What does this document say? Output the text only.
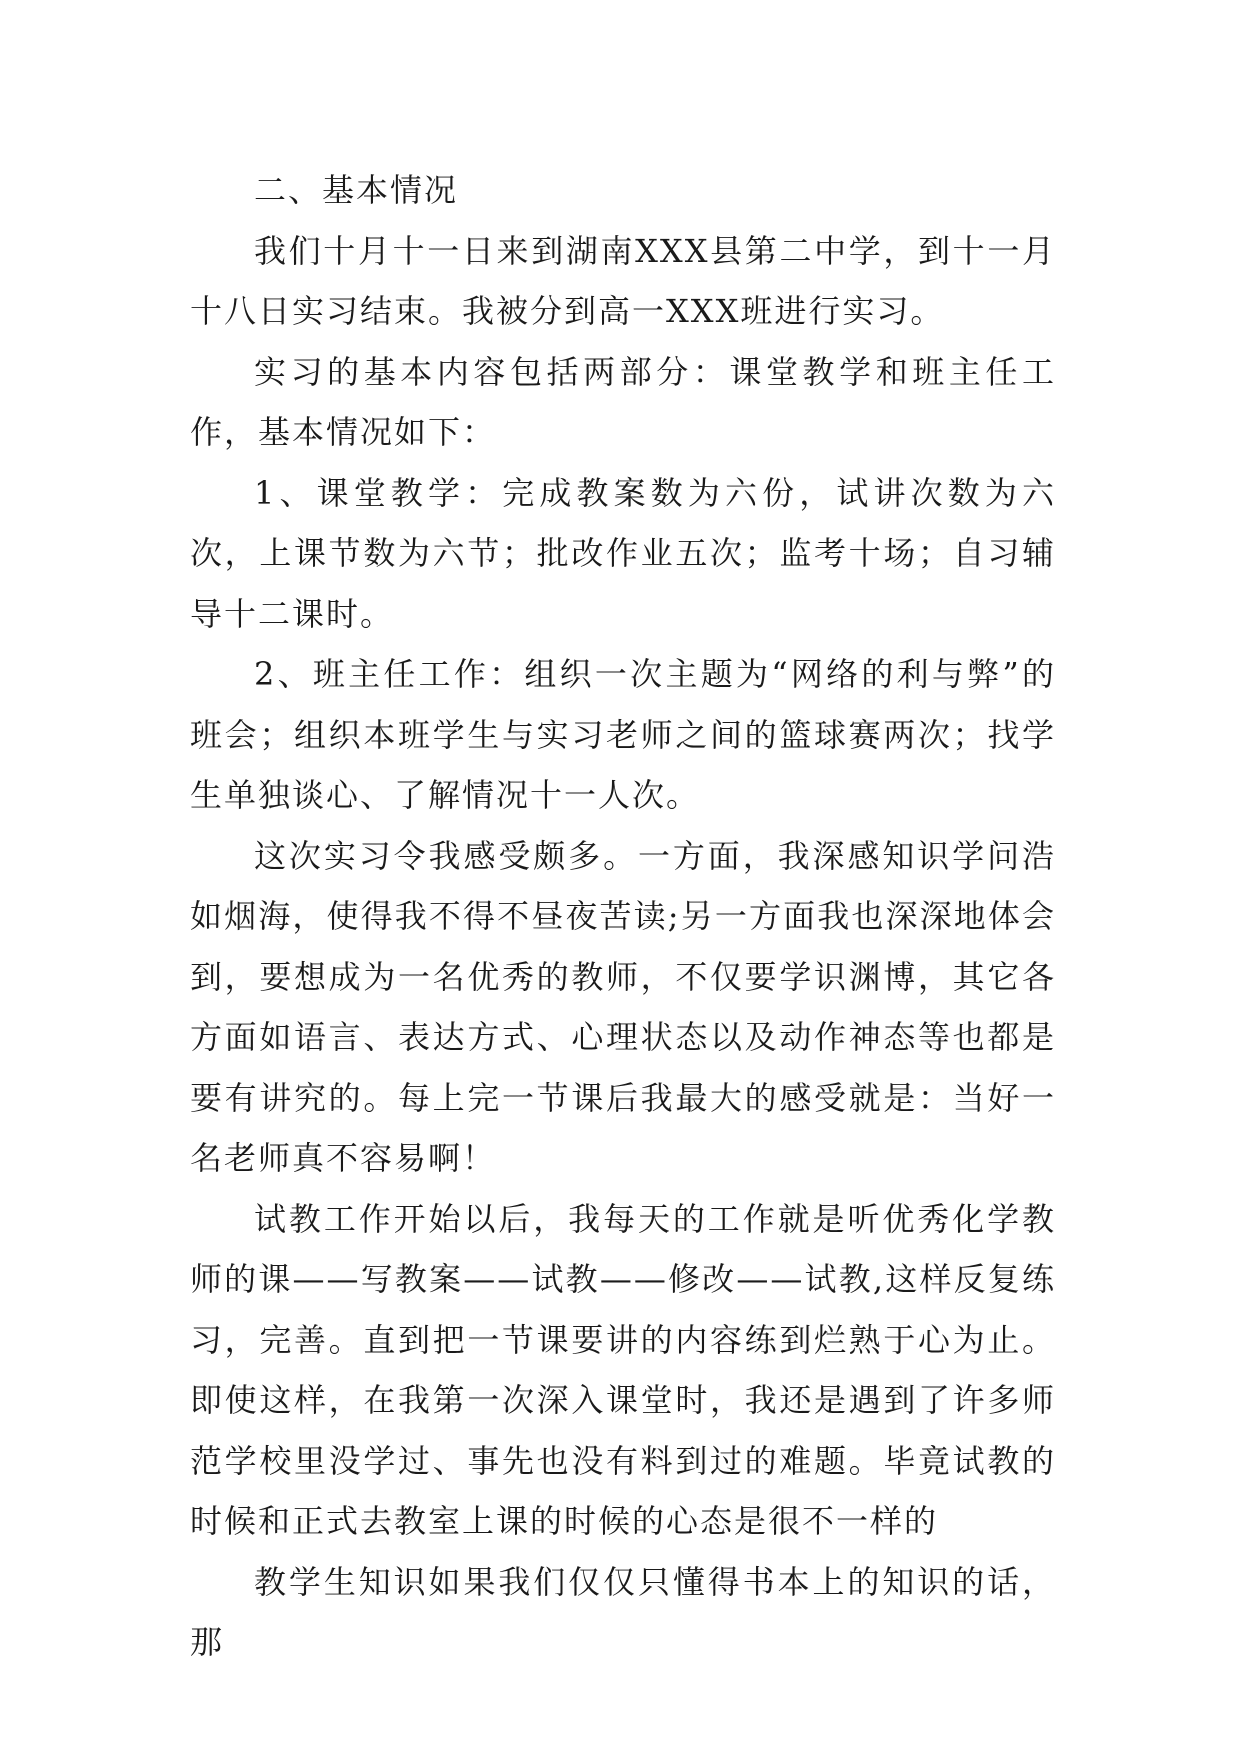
二、基本情况

我们十月十一日来到湖南XXX县第二中学，到十一月十八日实习结束。我被分到高一XXX班进行实习。

实习的基本内容包括两部分：课堂教学和班主任工作，基本情况如下：

1、课堂教学：完成教案数为六份，试讲次数为六次，上课节数为六节；批改作业五次；监考十场；自习辅导十二课时。

2、班主任工作：组织一次主题为“网络的利与弊”的班会；组织本班学生与实习老师之间的篮球赛两次；找学生单独谈心、了解情况十一人次。

这次实习令我感受颇多。一方面，我深感知识学问浩如烟海，使得我不得不昼夜苦读;另一方面我也深深地体会到，要想成为一名优秀的教师，不仅要学识渊博，其它各方面如语言、表达方式、心理状态以及动作神态等也都是要有讲究的。每上完一节课后我最大的感受就是：当好一名老师真不容易啊！

试教工作开始以后，我每天的工作就是听优秀化学教师的课——写教案——试教——修改——试教,这样反复练习，完善。直到把一节课要讲的内容练到烂熟于心为止。即使这样，在我第一次深入课堂时，我还是遇到了许多师范学校里没学过、事先也没有料到过的难题。毕竟试教的时候和正式去教室上课的时候的心态是很不一样的

教学生知识如果我们仅仅只懂得书本上的知识的话，那
